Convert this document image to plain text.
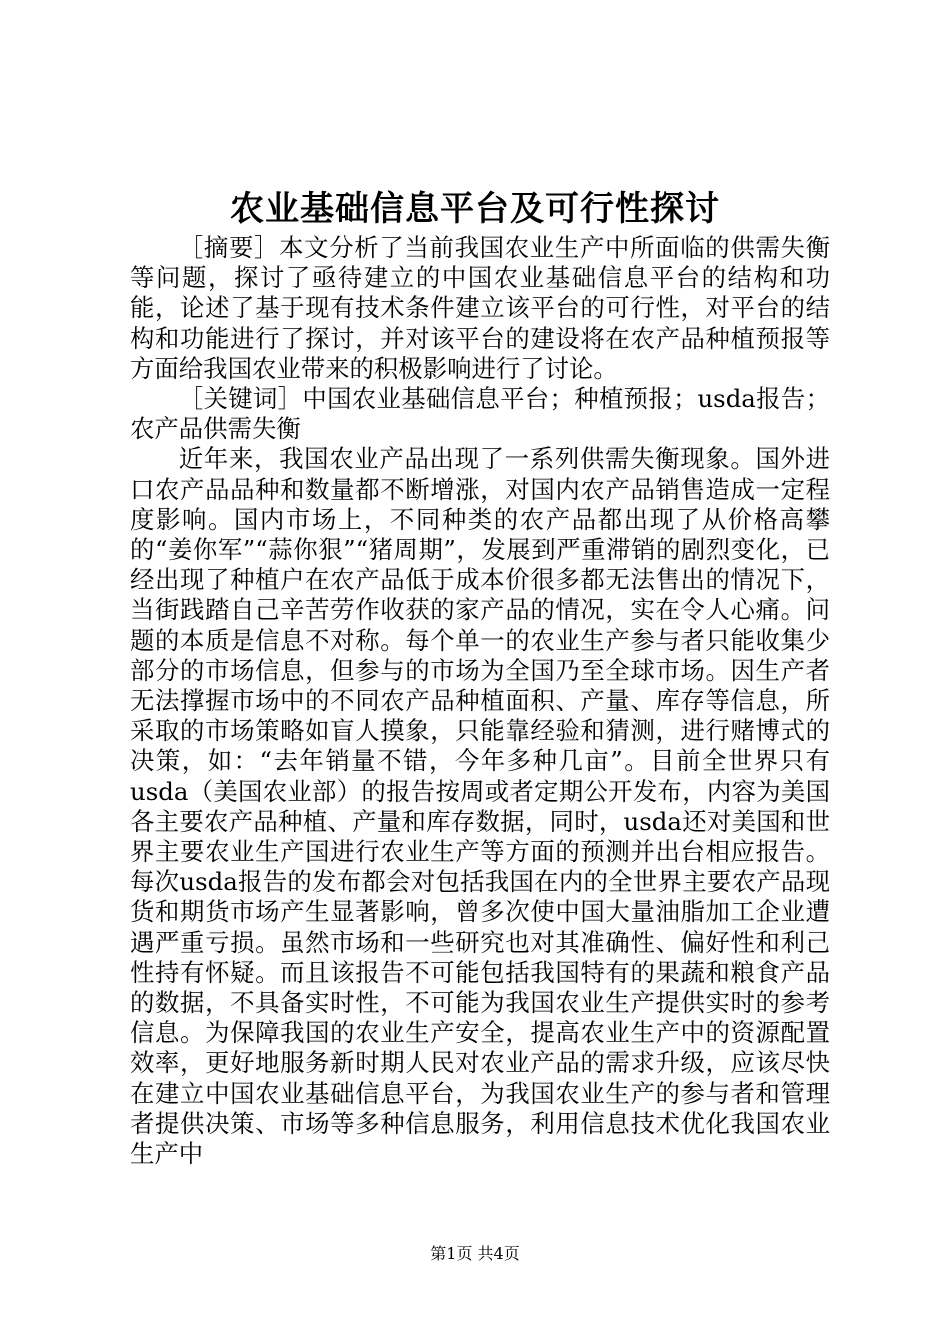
农业基础信息平台及可行性探讨

［摘要］本文分析了当前我国农业生产中所面临的供需失衡等问题，探讨了亟待建立的中国农业基础信息平台的结构和功能，论述了基于现有技术条件建立该平台的可行性，对平台的结构和功能进行了探讨，并对该平台的建设将在农产品种植预报等方面给我国农业带来的积极影响进行了讨论。

［关键词］中国农业基础信息平台；种植预报；usda报告；农产品供需失衡

近年来，我国农业产品出现了一系列供需失衡现象。国外进口农产品品种和数量都不断增涨，对国内农产品销售造成一定程度影响。国内市场上，不同种类的农产品都出现了从价格高攀的“姜你军”“蒜你狠”“猪周期”，发展到严重滞销的剧烈变化，已经出现了种植户在农产品低于成本价很多都无法售出的情况下，当街践踏自己辛苦劳作收获的家产品的情况，实在令人心痛。问题的本质是信息不对称。每个单一的农业生产参与者只能收集少部分的市场信息，但参与的市场为全国乃至全球市场。因生产者无法撑握市场中的不同农产品种植面积、产量、库存等信息，所采取的市场策略如盲人摸象，只能靠经验和猜测，进行赌博式的决策，如：“去年销量不错，今年多种几亩”。目前全世界只有usda（美国农业部）的报告按周或者定期公开发布，内容为美国各主要农产品种植、产量和库存数据，同时，usda还对美国和世界主要农业生产国进行农业生产等方面的预测并出台相应报告。每次usda报告的发布都会对包括我国在内的全世界主要农产品现货和期货市场产生显著影响，曾多次使中国大量油脂加工企业遭遇严重亏损。虽然市场和一些研究也对其准确性、偏好性和利己性持有怀疑。而且该报告不可能包括我国特有的果蔬和粮食产品的数据，不具备实时性，不可能为我国农业生产提供实时的参考信息。为保障我国的农业生产安全，提高农业生产中的资源配置效率，更好地服务新时期人民对农业产品的需求升级，应该尽快在建立中国农业基础信息平台，为我国农业生产的参与者和管理者提供决策、市场等多种信息服务，利用信息技术优化我国农业生产中

第1页 共4页
